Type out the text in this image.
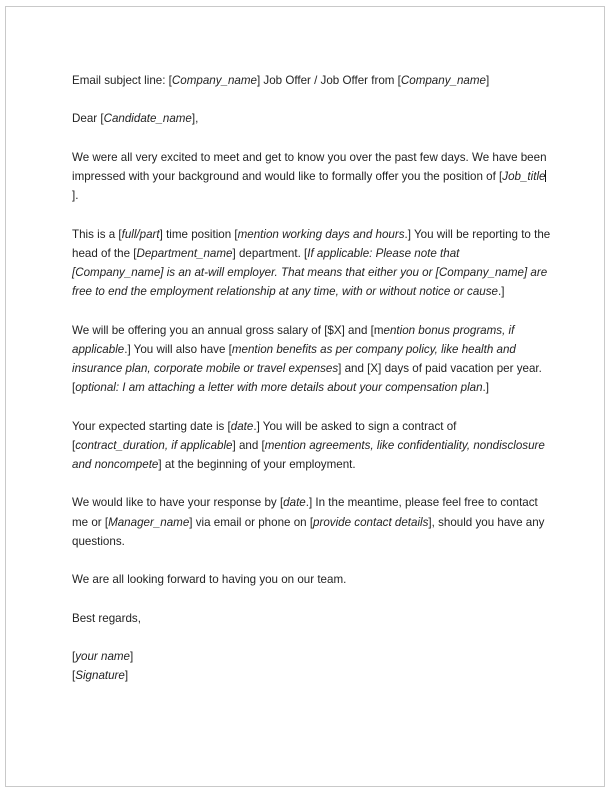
Email subject line: [Company_name] Job Offer / Job Offer from [Company_name]

Dear [Candidate_name],

We were all very excited to meet and get to know you over the past few days. We have been impressed with your background and would like to formally offer you the position of [Job_title].

This is a [full/part] time position [mention working days and hours.] You will be reporting to the head of the [Department_name] department. [If applicable: Please note that [Company_name] is an at-will employer. That means that either you or [Company_name] are free to end the employment relationship at any time, with or without notice or cause.]

We will be offering you an annual gross salary of [$X] and [mention bonus programs, if applicable.] You will also have [mention benefits as per company policy, like health and insurance plan, corporate mobile or travel expenses] and [X] days of paid vacation per year.
[optional: I am attaching a letter with more details about your compensation plan.]

Your expected starting date is [date.] You will be asked to sign a contract of [contract_duration, if applicable] and [mention agreements, like confidentiality, nondisclosure and noncompete] at the beginning of your employment.

We would like to have your response by [date.] In the meantime, please feel free to contact me or [Manager_name] via email or phone on [provide contact details], should you have any questions.

We are all looking forward to having you on our team.

Best regards,

[your name]
[Signature]
